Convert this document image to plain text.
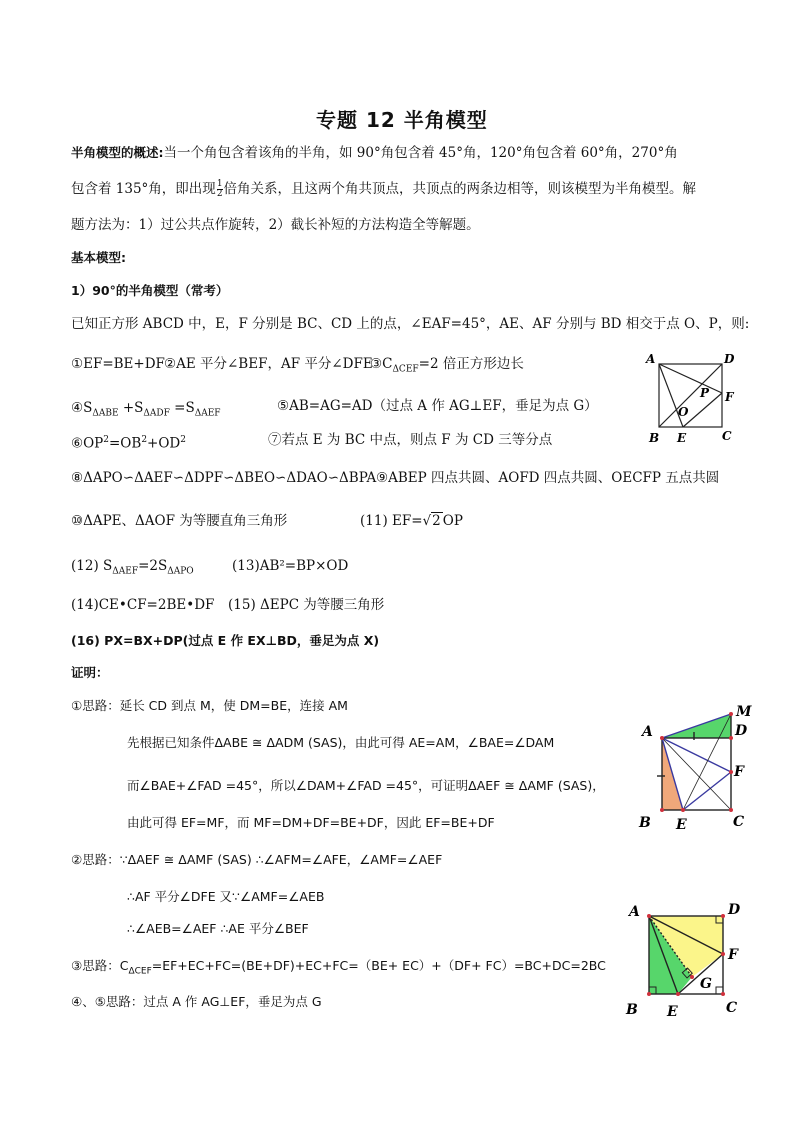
专题 12 半角模型
半角模型的概述:当一个角包含着该角的半角，如 90°角包含着 45°角，120°角包含着 60°角，270°角
包含着 135°角，即出现 $\frac{1}{2}$ 倍角关系，且这两个角共顶点，共顶点的两条边相等，则该模型为半角模型。解
题方法为：1）过公共点作旋转，2）截长补短的方法构造全等解题。
基本模型:
1）90°的半角模型（常考）
已知正方形 ABCD 中，E，F 分别是 BC、CD 上的点，∠EAF=45°，AE、AF 分别与 BD 相交于点 O、P，则:
①EF=BE+DF ②AE 平分∠BEF，AF 平分∠DFE
$③C_{\Delta CEF}=2$ 倍正方形边长
$④S_{\Delta ABE} +S_{\Delta ADF} =S_{\Delta AEF}$	⑤AB=AG=AD（过点 A 作 AG⊥EF，垂足为点 G）
$⑥OP^2=OB^2+OD^2$	⑦若点 E 为 BC 中点，则点 F 为 CD 三等分点
⑧ΔAPO∽ΔAEF∽ΔDPF∽ΔBEO∽ΔDAO∽ΔBPA ⑨ABEP 四点共圆、AOFD 四点共圆、OECFP 五点共圆
⑩ΔAPE、ΔAOF 为等腰直角三角形	(11) EF=√2 OP
(12) $S_{\Delta AEF}=2S_{\Delta APO}$	(13)AB²=BP×OD
(14)CE•CF=2BE•DF (15) ΔEPC 为等腰三角形
(16) PX=BX+DP(过点 E 作 EX⊥BD，垂足为点 X)
证明：
①思路：延长 CD 到点 M，使 DM=BE，连接 AM
先根据已知条件ΔABE ≅ ΔADM (SAS)，由此可得 AE=AM，∠BAE=∠DAM
而∠BAE+∠FAD =45°，所以∠DAM+∠FAD =45°，可证明ΔAEF ≅ ΔAMF (SAS)，
由此可得 EF=MF，而 MF=DM+DF=BE+DF，因此 EF=BE+DF
②思路：∵ΔAEF ≅ ΔAMF (SAS) ∴∠AFM=∠AFE，∠AMF=∠AEF
∴AF 平分∠DFE 又∵∠AMF=∠AEB
∴∠AEB=∠AEF ∴AE 平分∠BEF
③思路：$C_{\Delta CEF}=EF+EC+FC=(BE+DF)+EC+FC=(BE+ EC)+(DF+ FC)=BC+DC=2BC$
④、⑤思路：过点 A 作 AG⊥EF，垂足为点 G
A	D
F
P
O
B E	C
M
A	D
F
B E	C
A	D
F
G
B E	C
